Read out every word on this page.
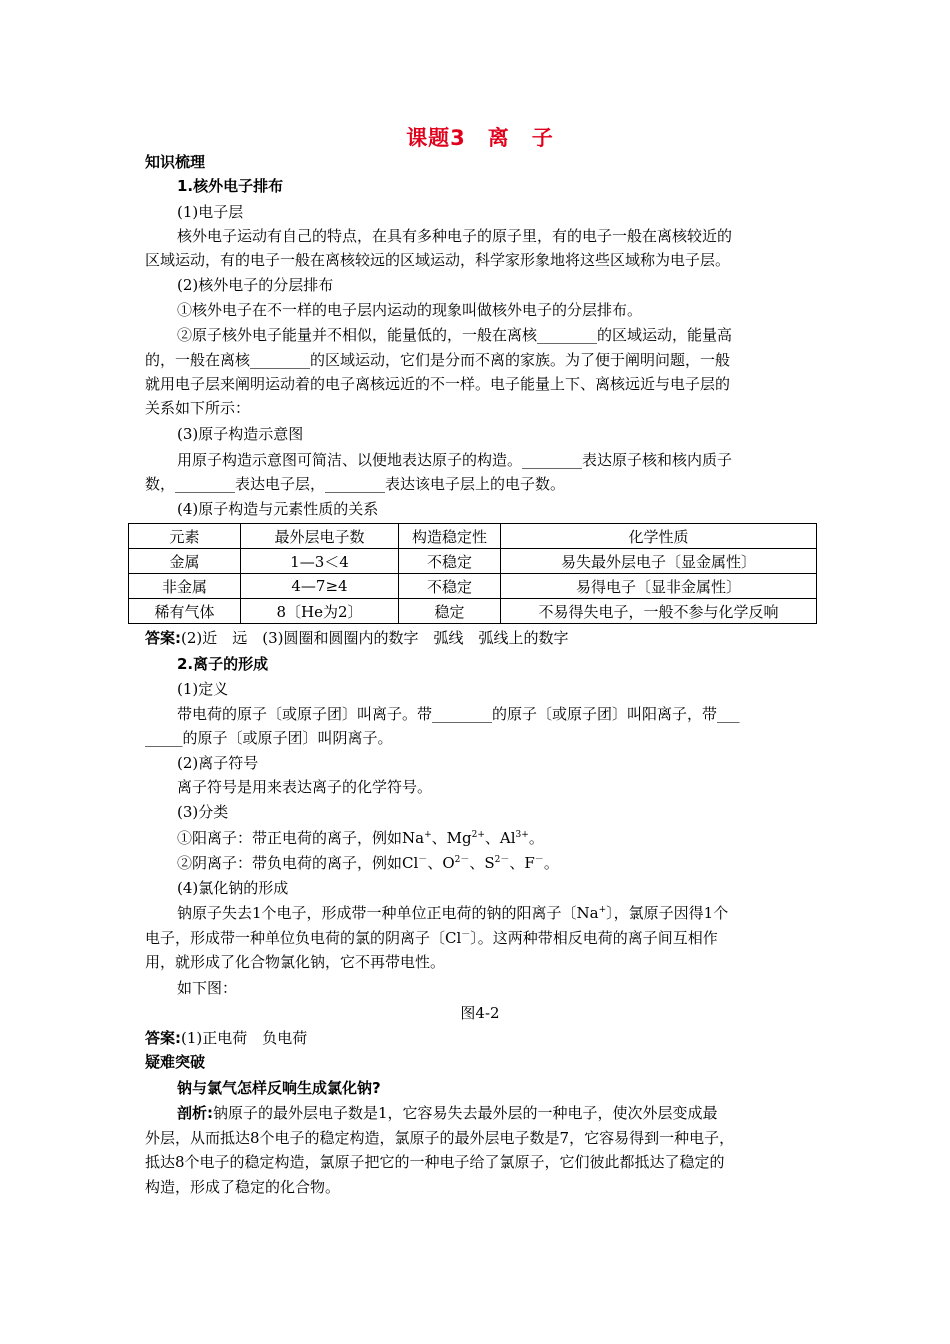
课题3　离　子
知识梳理
1.核外电子排布
(1)电子层
核外电子运动有自己的特点，在具有多种电子的原子里，有的电子一般在离核较近的
区域运动，有的电子一般在离核较远的区域运动，科学家形象地将这些区域称为电子层。
(2)核外电子的分层排布
①核外电子在不一样的电子层内运动的现象叫做核外电子的分层排布。
②原子核外电子能量并不相似，能量低的，一般在离核________的区域运动，能量高
的，一般在离核________的区域运动，它们是分而不离的家族。为了便于阐明问题，一般
就用电子层来阐明运动着的电子离核远近的不一样。电子能量上下、离核远近与电子层的
关系如下所示：
(3)原子构造示意图
用原子构造示意图可简洁、以便地表达原子的构造。________表达原子核和核内质子
数，________表达电子层，________表达该电子层上的电子数。
(4)原子构造与元素性质的关系
元素	最外层电子数	构造稳定性	化学性质
金属	1—3＜4	不稳定	易失最外层电子〔显金属性〕
非金属	4—7≥4	不稳定	易得电子〔显非金属性〕
稀有气体	8〔He为2〕	稳定	不易得失电子，一般不参与化学反响
答案:(2)近　远　(3)圆圈和圆圈内的数字　弧线　弧线上的数字
2.离子的形成
(1)定义
带电荷的原子〔或原子团〕叫离子。带________的原子〔或原子团〕叫阳离子，带___
_____的原子〔或原子团〕叫阴离子。
(2)离子符号
离子符号是用来表达离子的化学符号。
(3)分类
①阳离子：带正电荷的离子，例如Na+、$Mg^{2+}$、$Al^{3+}$。
②阴离子：带负电荷的离子，例如Cl－、$O^{2-}$、$S^{2-}$、F－。
(4)氯化钠的形成
钠原子失去1个电子，形成带一种单位正电荷的钠的阳离子〔Na+〕，氯原子因得1个
电子，形成带一种单位负电荷的氯的阴离子〔Cl－〕。这两种带相反电荷的离子间互相作
用，就形成了化合物氯化钠，它不再带电性。
如下图：
图4-2
答案:(1)正电荷　负电荷
疑难突破
钠与氯气怎样反响生成氯化钠?
剖析:钠原子的最外层电子数是1，它容易失去最外层的一种电子，使次外层变成最
外层，从而抵达8个电子的稳定构造，氯原子的最外层电子数是7，它容易得到一种电子，
抵达8个电子的稳定构造，氯原子把它的一种电子给了氯原子，它们彼此都抵达了稳定的
构造，形成了稳定的化合物。
